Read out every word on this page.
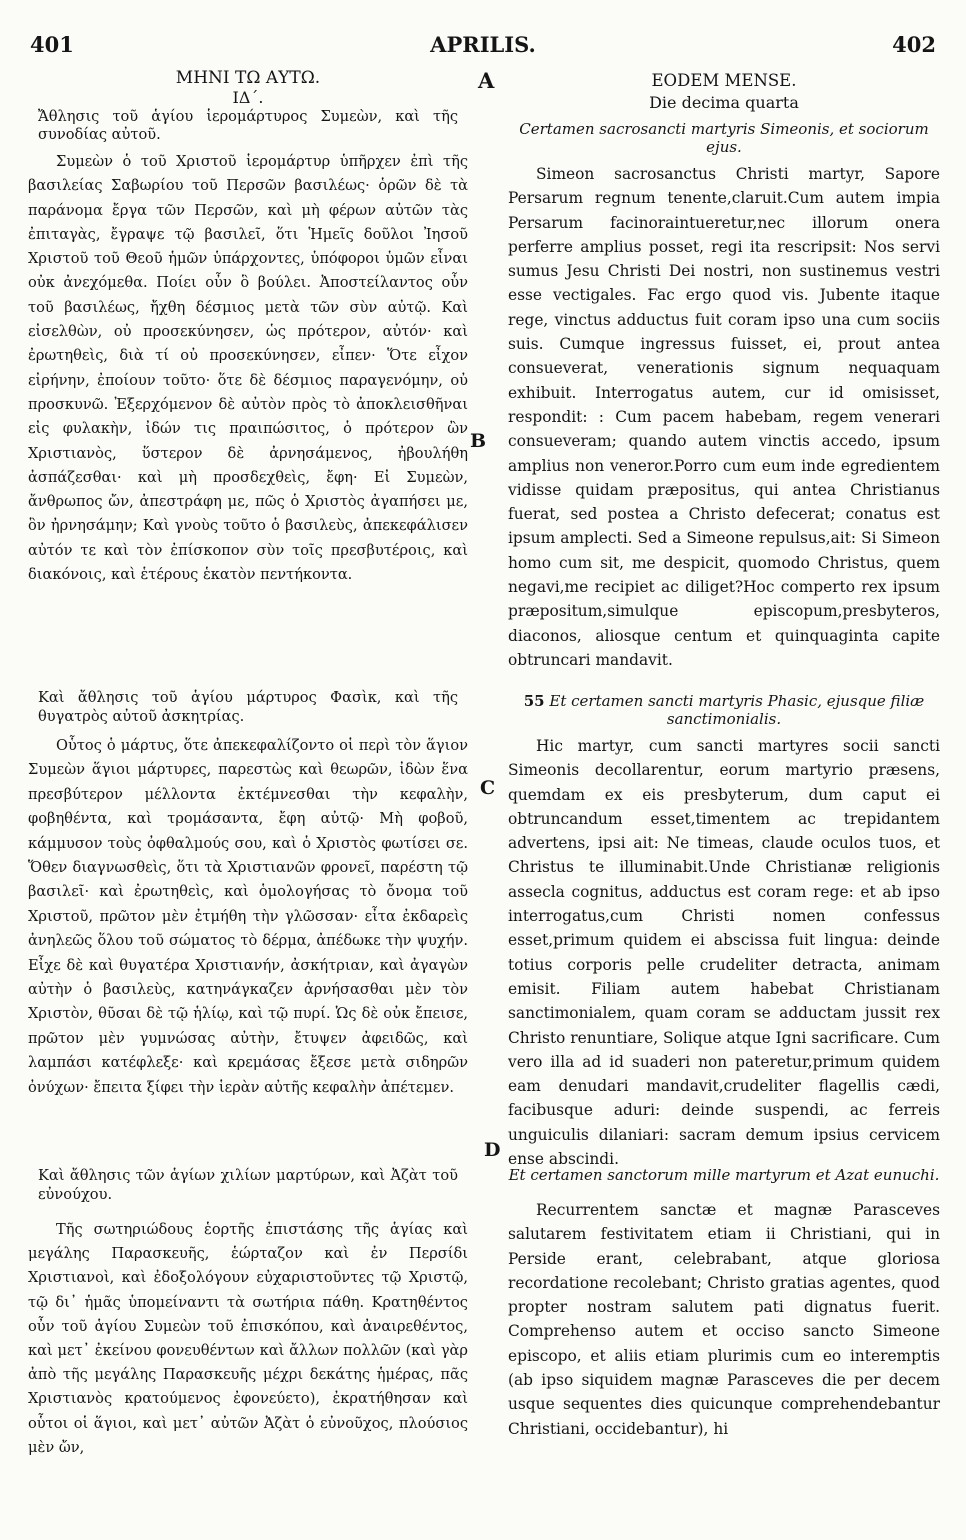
401	APRILIS.	402
A
B
C
D
ΜΗΝΙ ΤΩ ΑΥΤΩ.
ΙΔ΄.
Ἄθλησις τοῦ ἁγίου ἱερομάρτυρος Συμεὼν, καὶ τῆς συνοδίας αὐτοῦ.
Συμεὼν ὁ τοῦ Χριστοῦ ἱερομάρτυρ ὑπῆρχεν ἐπὶ τῆς βασιλείας Σαβωρίου τοῦ Περσῶν βασιλέως· ὁρῶν δὲ τὰ παράνομα ἔργα τῶν Περσῶν, καὶ μὴ φέρων αὐτῶν τὰς ἐπιταγὰς, ἔγραψε τῷ βασιλεῖ, ὅτι Ἡμεῖς δοῦλοι Ἰησοῦ Χριστοῦ τοῦ Θεοῦ ἡμῶν ὑπάρχοντες, ὑπόφοροι ὑμῶν εἶναι οὐκ ἀνεχόμεθα. Ποίει οὖν ὃ βούλει. Ἀποστείλαντος οὖν τοῦ βασιλέως, ἤχθη δέσμιος μετὰ τῶν σὺν αὐτῷ. Καὶ εἰσελθὼν, οὐ προσεκύνησεν, ὡς πρότερον, αὐτόν· καὶ ἐρωτηθεὶς, διὰ τί οὐ προσεκύνησεν, εἶπεν· Ὅτε εἶχον εἰρήνην, ἐποίουν τοῦτο· ὅτε δὲ δέσμιος παραγενόμην, οὐ προσκυνῶ. Ἐξερχόμενον δὲ αὐτὸν πρὸς τὸ ἀποκλεισθῆναι εἰς φυλακὴν, ἰδών τις πραιπώσιτος, ὁ πρότερον ὢν Χριστιανὸς, ὕστερον δὲ ἀρνησάμενος, ἠβουλήθη ἀσπάζεσθαι· καὶ μὴ προσδεχθεὶς, ἔφη· Εἰ Συμεὼν, ἄνθρωπος ὤν, ἀπεστράφη με, πῶς ὁ Χριστὸς ἀγαπήσει με, ὃν ἠρνησάμην; Καὶ γνοὺς τοῦτο ὁ βασιλεὺς, ἀπεκεφάλισεν αὐτόν τε καὶ τὸν ἐπίσκοπον σὺν τοῖς πρεσβυτέροις, καὶ διακόνοις, καὶ ἑτέρους ἑκατὸν πεντήκοντα.
Καὶ ἄθλησις τοῦ ἁγίου μάρτυρος Φασὶκ, καὶ τῆς θυγατρὸς αὐτοῦ ἀσκητρίας.
Οὗτος ὁ μάρτυς, ὅτε ἀπεκεφαλίζοντο οἱ περὶ τὸν ἅγιον Συμεὼν ἅγιοι μάρτυρες, παρεστὼς καὶ θεωρῶν, ἰδὼν ἕνα πρεσβύτερον μέλλοντα ἐκτέμνεσθαι τὴν κεφαλὴν, φοβηθέντα, καὶ τρομάσαντα, ἔφη αὐτῷ· Μὴ φοβοῦ, κάμμυσον τοὺς ὀφθαλμούς σου, καὶ ὁ Χριστὸς φωτίσει σε. Ὅθεν διαγνωσθεὶς, ὅτι τὰ Χριστιανῶν φρονεῖ, παρέστη τῷ βασιλεῖ· καὶ ἐρωτηθεὶς, καὶ ὁμολογήσας τὸ ὄνομα τοῦ Χριστοῦ, πρῶτον μὲν ἐτμήθη τὴν γλῶσσαν· εἶτα ἐκδαρεὶς ἀνηλεῶς ὅλου τοῦ σώματος τὸ δέρμα, ἀπέδωκε τὴν ψυχήν. Εἶχε δὲ καὶ θυγατέρα Χριστιανήν, ἀσκήτριαν, καὶ ἀγαγὼν αὐτὴν ὁ βασιλεὺς, κατηνάγκαζεν ἀρνήσασθαι μὲν τὸν Χριστὸν, θῦσαι δὲ τῷ ἡλίῳ, καὶ τῷ πυρί. Ὡς δὲ οὐκ ἔπεισε, πρῶτον μὲν γυμνώσας αὐτὴν, ἔτυψεν ἀφειδῶς, καὶ λαμπάσι κατέφλεξε· καὶ κρεμάσας ἔξεσε μετὰ σιδηρῶν ὀνύχων· ἔπειτα ξίφει τὴν ἱερὰν αὐτῆς κεφαλὴν ἀπέτεμεν.
Καὶ ἄθλησις τῶν ἁγίων χιλίων μαρτύρων, καὶ Ἀζὰτ τοῦ εὐνούχου.
Τῆς σωτηριώδους ἑορτῆς ἐπιστάσης τῆς ἁγίας καὶ μεγάλης Παρασκευῆς, ἑώρταζον καὶ ἐν Περσίδι Χριστιανοὶ, καὶ ἐδοξολόγουν εὐχαριστοῦντες τῷ Χριστῷ, τῷ δι᾽ ἡμᾶς ὑπομείναντι τὰ σωτήρια πάθη. Κρατηθέντος οὖν τοῦ ἁγίου Συμεὼν τοῦ ἐπισκόπου, καὶ ἀναιρεθέντος, καὶ μετ᾽ ἐκείνου φονευθέντων καὶ ἄλλων πολλῶν (καὶ γὰρ ἀπὸ τῆς μεγάλης Παρασκευῆς μέχρι δεκάτης ἡμέρας, πᾶς Χριστιανὸς κρατούμενος ἐφονεύετο), ἐκρατήθησαν καὶ οὗτοι οἱ ἅγιοι, καὶ μετ᾽ αὐτῶν Ἀζὰτ ὁ εὐνοῦχος, πλούσιος μὲν ὤν,
EODEM MENSE.
Die decima quarta
Certamen sacrosancti martyris Simeonis, et sociorum ejus.
Simeon sacrosanctus Christi martyr, Sapore Persarum regnum tenente,claruit.Cum autem impia Persarum facinoraintueretur,nec illorum onera perferre amplius posset, regi ita rescripsit: Nos servi sumus Jesu Christi Dei nostri, non sustinemus vestri esse vectigales. Fac ergo quod vis. Jubente itaque rege, vinctus adductus fuit coram ipso una cum sociis suis. Cumque ingressus fuisset, ei, prout antea consueverat, venerationis signum nequaquam exhibuit. Interrogatus autem, cur id omisisset, respondit: : Cum pacem habebam, regem venerari consueveram; quando autem vinctis accedo, ipsum amplius non veneror.Porro cum eum inde egredientem vidisse quidam præpositus, qui antea Christianus fuerat, sed postea a Christo defecerat; conatus est ipsum amplecti. Sed a Simeone repulsus,ait: Si Simeon homo cum sit, me despicit, quomodo Christus, quem negavi,me recipiet ac diliget?Hoc comperto rex ipsum præpositum,simulque episcopum,presbyteros, diaconos, aliosque centum et quinquaginta capite obtruncari mandavit.
55 Et certamen sancti martyris Phasic, ejusque filiæ sanctimonialis.
Hic martyr, cum sancti martyres socii sancti Simeonis decollarentur, eorum martyrio præsens, quemdam ex eis presbyterum, dum caput ei obtruncandum esset,timentem ac trepidantem advertens, ipsi ait: Ne timeas, claude oculos tuos, et Christus te illuminabit.Unde Christianæ religionis assecla cognitus, adductus est coram rege: et ab ipso interrogatus,cum Christi nomen confessus esset,primum quidem ei abscissa fuit lingua: deinde totius corporis pelle crudeliter detracta, animam emisit. Filiam autem habebat Christianam sanctimonialem, quam coram se adductam jussit rex Christo renuntiare, Solique atque Igni sacrificare. Cum vero illa ad id suaderi non pateretur,primum quidem eam denudari mandavit,crudeliter flagellis cædi, facibusque aduri: deinde suspendi, ac ferreis unguiculis dilaniari: sacram demum ipsius cervicem ense abscindi.
Et certamen sanctorum mille martyrum et Azat eunuchi.
Recurrentem sanctæ et magnæ Parasceves salutarem festivitatem etiam ii Christiani, qui in Perside erant, celebrabant, atque gloriosa recordatione recolebant; Christo gratias agentes, quod propter nostram salutem pati dignatus fuerit. Comprehenso autem et occiso sancto Simeone episcopo, et aliis etiam plurimis cum eo interemptis (ab ipso siquidem magnæ Parasceves die per decem usque sequentes dies quicunque comprehendebantur Christiani, occidebantur), hi
